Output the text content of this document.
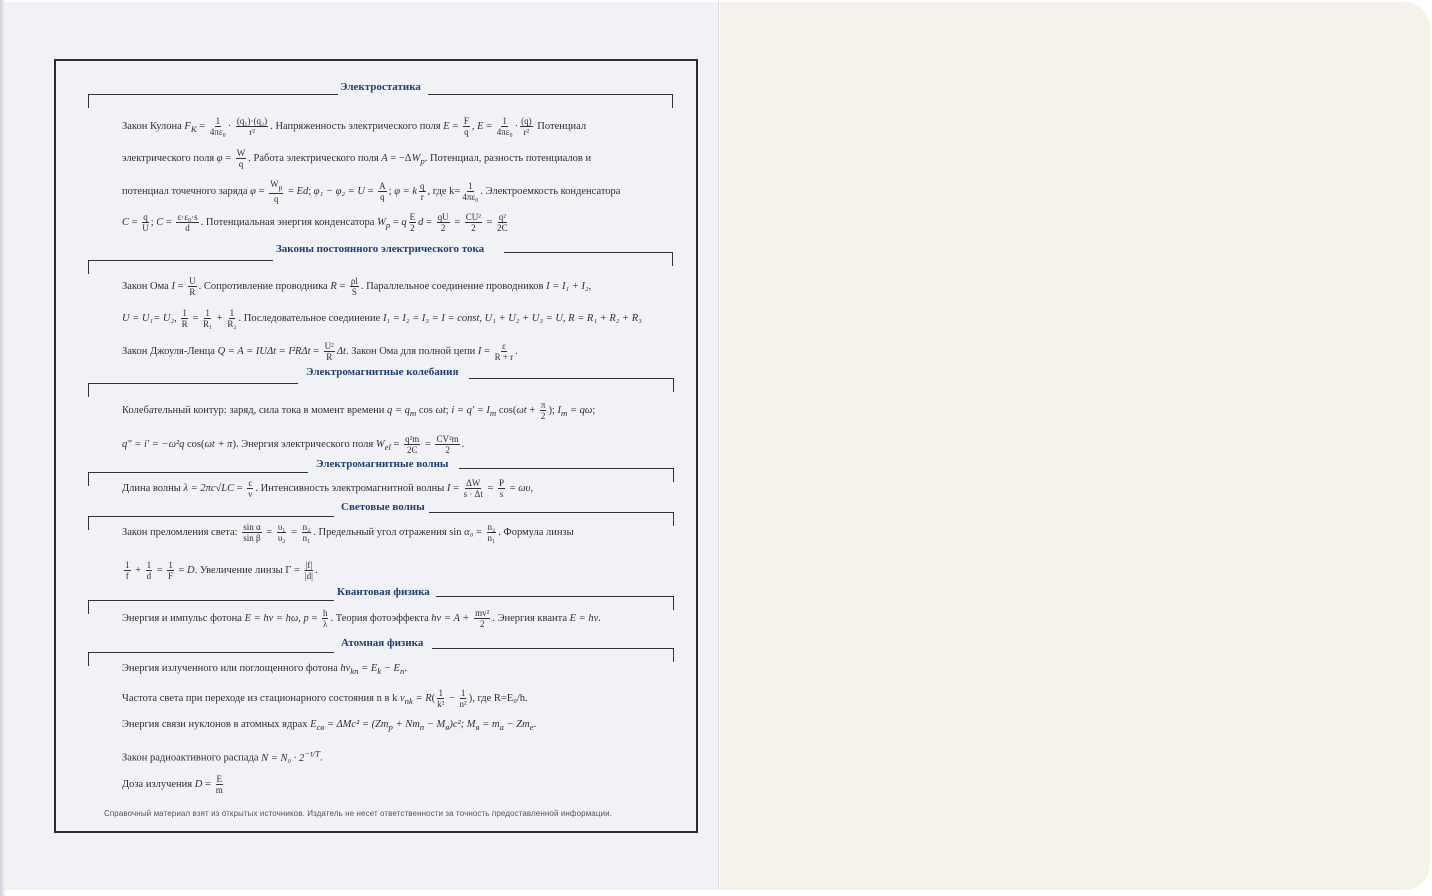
Электростатика
Закон Кулона $F_K = \frac{1}{\text{4πε₀}} \cdot \frac{\text{(q₁)·(q₂)}}{\text{r²}}$ . Напряженность электрического поля $E = \frac{F}{q}$ , $E = \frac{1}{\text{4πε₀}} \cdot \frac{(q)}{\text{r²}}$ Потенциал
электрического поля $\varphi = \frac{W}{q}$ . Работа электрического поля $A = -\Delta W_p$. Потенциал, разность потенциалов и
потенциал точечного заряда $\varphi = \frac{W_p}{q} = Ed$; $\varphi_1 - \varphi_2 = U = \frac{A}{q}$ ; φ = k $\frac{q}{r}$ , где $k= \frac{1}{\text{4πε₀}}$ . Электроемкость конденсатора
$C = \frac{q}{U}$ ; $C = \frac{\text{ε·ε₀·s}}{d}$ . Потенциальная энергия конденсатора $W_p = q \frac{E}{2}$ $d = \frac{qU}{2} = \frac{\text{CU²}}{2} = \frac{\text{q²}}{2C}$
Законы постоянного электрического тока
Закон Ома $I = \frac{U}{R}$ . Сопротивление проводника $R = \frac{\rho l}{S}$ . Параллельное соединение проводников I = I₁ + I₂,
U = U₁= U₂, $\frac{1}{R} = \frac{1}{\text{R₁}} + \frac{1}{\text{R₂}}$ . Последовательное соединение I₁ = I₂ = I₃ = I = const, U₁ + U₂ + U₃ = U, R = R₁ + R₂ + R₃
Закон Джоуля-Ленца $Q = A = IU\Delta t = I^2R\Delta t = \frac{\text{U²}}{R} \Delta t$. Закон Ома для полной цепи $I = \frac{\varepsilon}{R + r}$ .
Электромагнитные колебания
Колебательный контур: заряд, сила тока в момент времени $q = q_m$ cos ωt; $i = q' = I_m$ $\cos(\omega t + \frac{\pi}{2}$ ); $I_m = q\omega$;
q" = i' = −ω²q cos(ωt + π). Энергия электрического поля $W_{el} = \frac{\text{q²m}}{2C} = \frac{\text{CV²m}}{2}$ .
Электромагнитные волны
Длина волны $\lambda = 2\pi c√LC = \frac{c}{\nu}$ . Интенсивность электромагнитной волны $I = \frac{\Delta W}{s \cdot \Delta t} = \frac{P}{s} = \omega\upsilon$,
Световые волны
Закон преломления света: $\frac{\text{sin α}}{\text{sin β}} = \frac{\text{υ₁}}{\text{υ₂}} = \frac{\text{n₂}}{\text{n₁}}$ . Предельный угол отражения $\sin \alpha_0 = \frac{\text{n₂}}{\text{n₁}}$ . Формула линзы
$\frac{1}{f} + \frac{1}{d} = \frac{1}{F} = D$. Увеличение линзы $\Gamma = \frac{|f|}{|d|}$ .
Квантовая физика
Энергия и импульс фотона E = hν = hω, $p = \frac{h}{\lambda}$ . Теория фотоэффекта $h\nu = A + \frac{\text{mv²}}{2}$ . Энергия кванта E = hν.
Атомная физика
Энергия излученного или поглощенного фотона $h\nu_{kn} = E_k - E_n$.
Частота света при переходе из стационарного состояния n в k $\nu_{nk} = R( \frac{1}{\text{k²}} - \frac{1}{\text{n²}}$ ), где R=E₀/h.
Энергия связи нуклонов в атомных ядрах $E_{св} = \Delta Mc^2 = (Zm_p + Nm_n - M_я)c^2$; $M_я = m_a - Zm_e$.
Закон радиоактивного распада $N = N_0 \cdot 2^{-t/T}$.
Доза излучения $D = \frac{E}{m}$
Справочный материал взят из открытых источников. Издатель не несет ответственности за точность предоставленной информации.
